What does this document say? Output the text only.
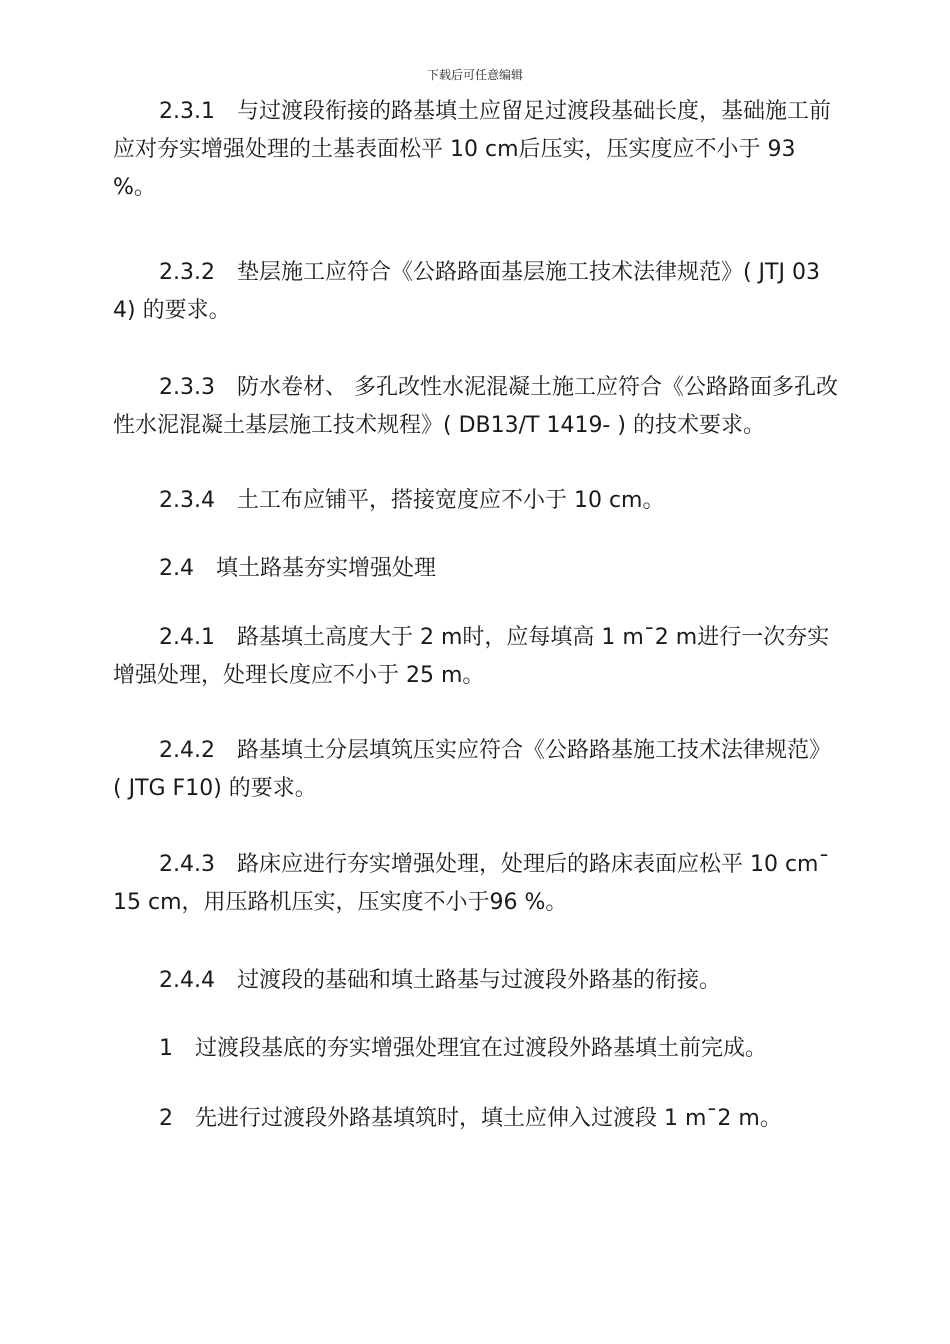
下载后可任意编辑
2.3.1　与过渡段衔接的路基填土应留足过渡段基础长度，基础施工前应对夯实增强处理的土基表面松平 10 cm后压实，压实度应不小于 93 %。
2.3.2　垫层施工应符合《公路路面基层施工技术法律规范》( JTJ 034) 的要求。
2.3.3　防水卷材、 多孔改性水泥混凝土施工应符合《公路路面多孔改性水泥混凝土基层施工技术规程》( DB13/T 1419- ) 的技术要求。
2.3.4　土工布应铺平，搭接宽度应不小于 10 cm。
2.4　填土路基夯实增强处理
2.4.1　路基填土高度大于 2 m时，应每填高 1 m¯2 m进行一次夯实增强处理，处理长度应不小于 25 m。
2.4.2　路基填土分层填筑压实应符合《公路路基施工技术法律规范》( JTG F10) 的要求。
2.4.3　路床应进行夯实增强处理，处理后的路床表面应松平 10 cm¯15 cm，用压路机压实，压实度不小于96 %。
2.4.4　过渡段的基础和填土路基与过渡段外路基的衔接。
1　过渡段基底的夯实增强处理宜在过渡段外路基填土前完成。
2　先进行过渡段外路基填筑时，填土应伸入过渡段 1 m¯2 m。
